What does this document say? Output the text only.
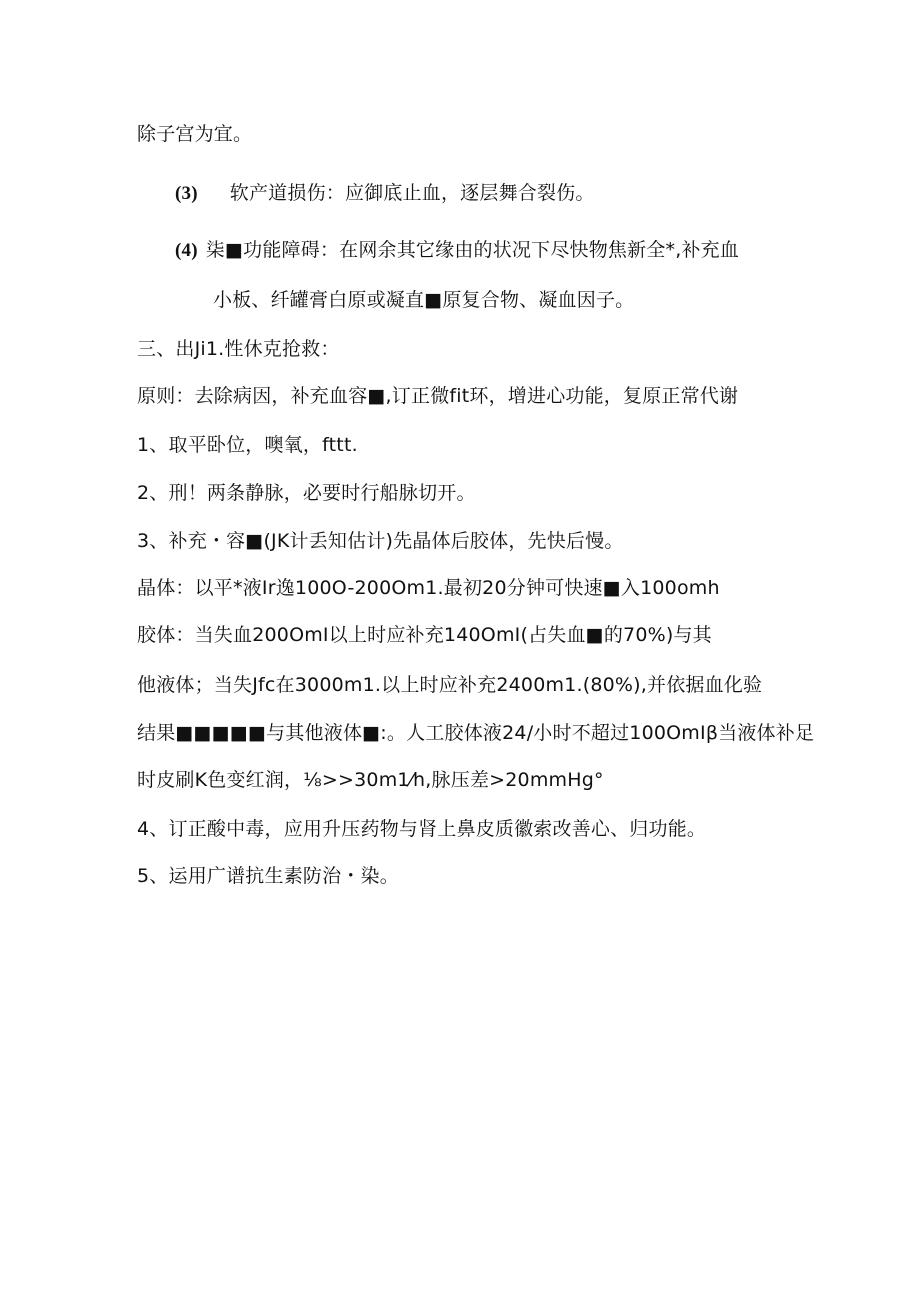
除子宫为宜。
(3) 软产道损伤：应御底止血，逐层舞合裂伤。
(4) 柒■功能障碍：在网余其它缘由的状况下尽快物焦新全*,补充血
小板、纤罐膏白原或凝直■原复合物、凝血因子。
三、出Ji1.性休克抢救：
原则：去除病因，补充血容■,订正微fit环，增进心功能，复原正常代谢
1、取平卧位，噢氧，fttt.
2、刑！两条静脉，必要时行船脉切开。
3、补充・容■(JK计丢知估计)先晶体后胶体，先快后慢。
晶体：以平*液Ir逸100O-200Om1.最初20分钟可快速■入100omh
胶体：当失血200OmI以上时应补充140OmI(占失血■的70%)与其
他液体；当失Jfc在3000m1.以上时应补充2400m1.(80%),并依据血化验
结果■■■■■与其他液体■:。人工胶体液24/小时不超过100OmIβ当液体补足
时皮刷K色变红润，⅛>>30m1⁄h,脉压差>20mmHg°
4、订正酸中毒，应用升压药物与肾上鼻皮质徽索改善心、归功能。
5、运用广谱抗生素防治・染。
